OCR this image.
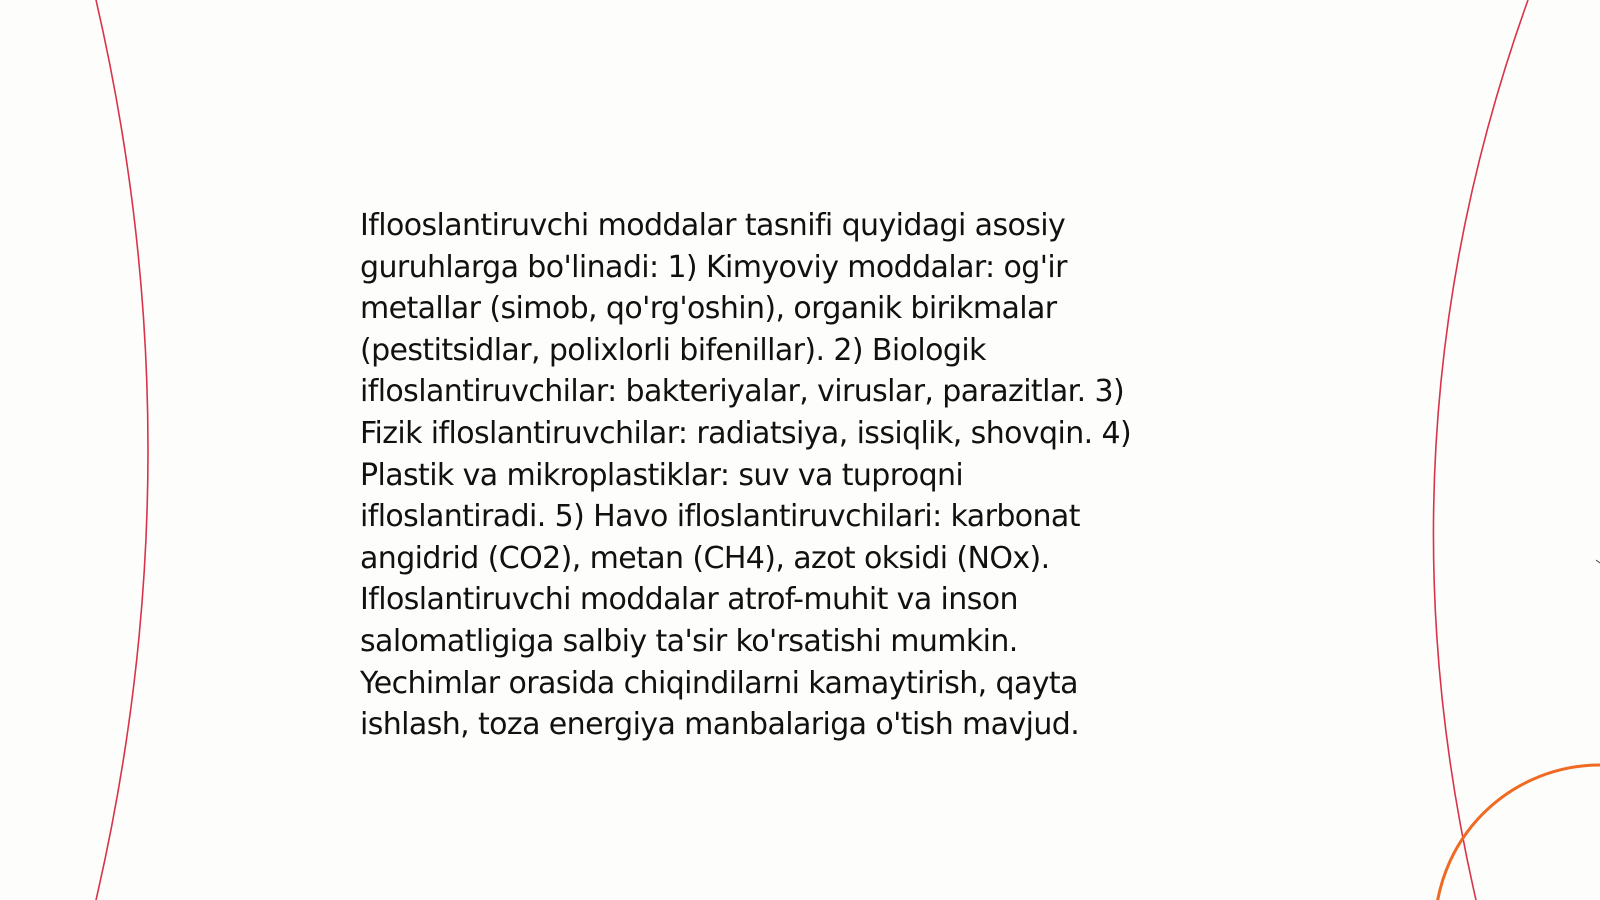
Iflooslantiruvchi moddalar tasnifi quyidagi asosiy
guruhlarga bo'linadi: 1) Kimyoviy moddalar: og'ir
metallar (simob, qo'rg'oshin), organik birikmalar
(pestitsidlar, polixlorli bifenillar). 2) Biologik
ifloslantiruvchilar: bakteriyalar, viruslar, parazitlar. 3)
Fizik ifloslantiruvchilar: radiatsiya, issiqlik, shovqin. 4)
Plastik va mikroplastiklar: suv va tuproqni
ifloslantiradi. 5) Havo ifloslantiruvchilari: karbonat
angidrid (CO2), metan (CH4), azot oksidi (NOx).
Ifloslantiruvchi moddalar atrof-muhit va inson
salomatligiga salbiy ta'sir ko'rsatishi mumkin.
Yechimlar orasida chiqindilarni kamaytirish, qayta
ishlash, toza energiya manbalariga o'tish mavjud.
